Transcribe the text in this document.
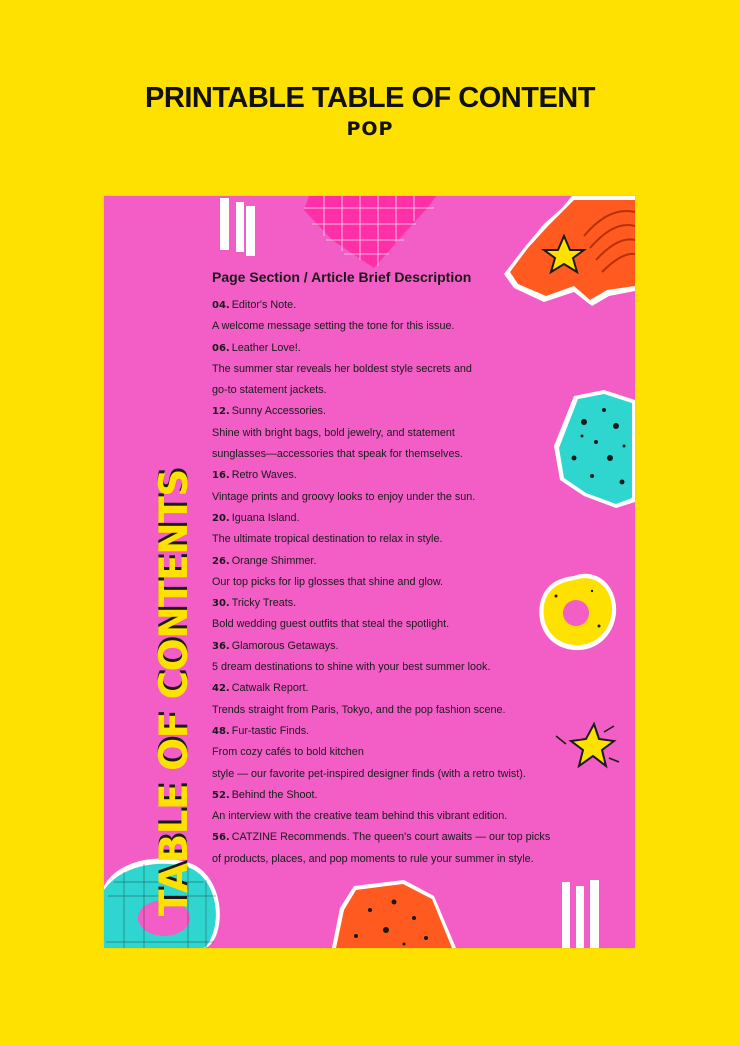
PRINTABLE TABLE OF CONTENT
POP
TABLE OF CONTENTS
Page Section / Article Brief Description
04. Editor's Note.
A welcome message setting the tone for this issue.
06. Leather Love!.
The summer star reveals her boldest style secrets and
go-to statement jackets.
12. Sunny Accessories.
Shine with bright bags, bold jewelry, and statement
sunglasses—accessories that speak for themselves.
16. Retro Waves.
Vintage prints and groovy looks to enjoy under the sun.
20. Iguana Island.
The ultimate tropical destination to relax in style.
26. Orange Shimmer.
Our top picks for lip glosses that shine and glow.
30. Tricky Treats.
Bold wedding guest outfits that steal the spotlight.
36. Glamorous Getaways.
5 dream destinations to shine with your best summer look.
42. Catwalk Report.
Trends straight from Paris, Tokyo, and the pop fashion scene.
48. Fur-tastic Finds.
From cozy cafés to bold kitchen
style — our favorite pet-inspired designer finds (with a retro twist).
52. Behind the Shoot.
An interview with the creative team behind this vibrant edition.
56. CATZINE Recommends. The queen's court awaits — our top picks
of products, places, and pop moments to rule your summer in style.
